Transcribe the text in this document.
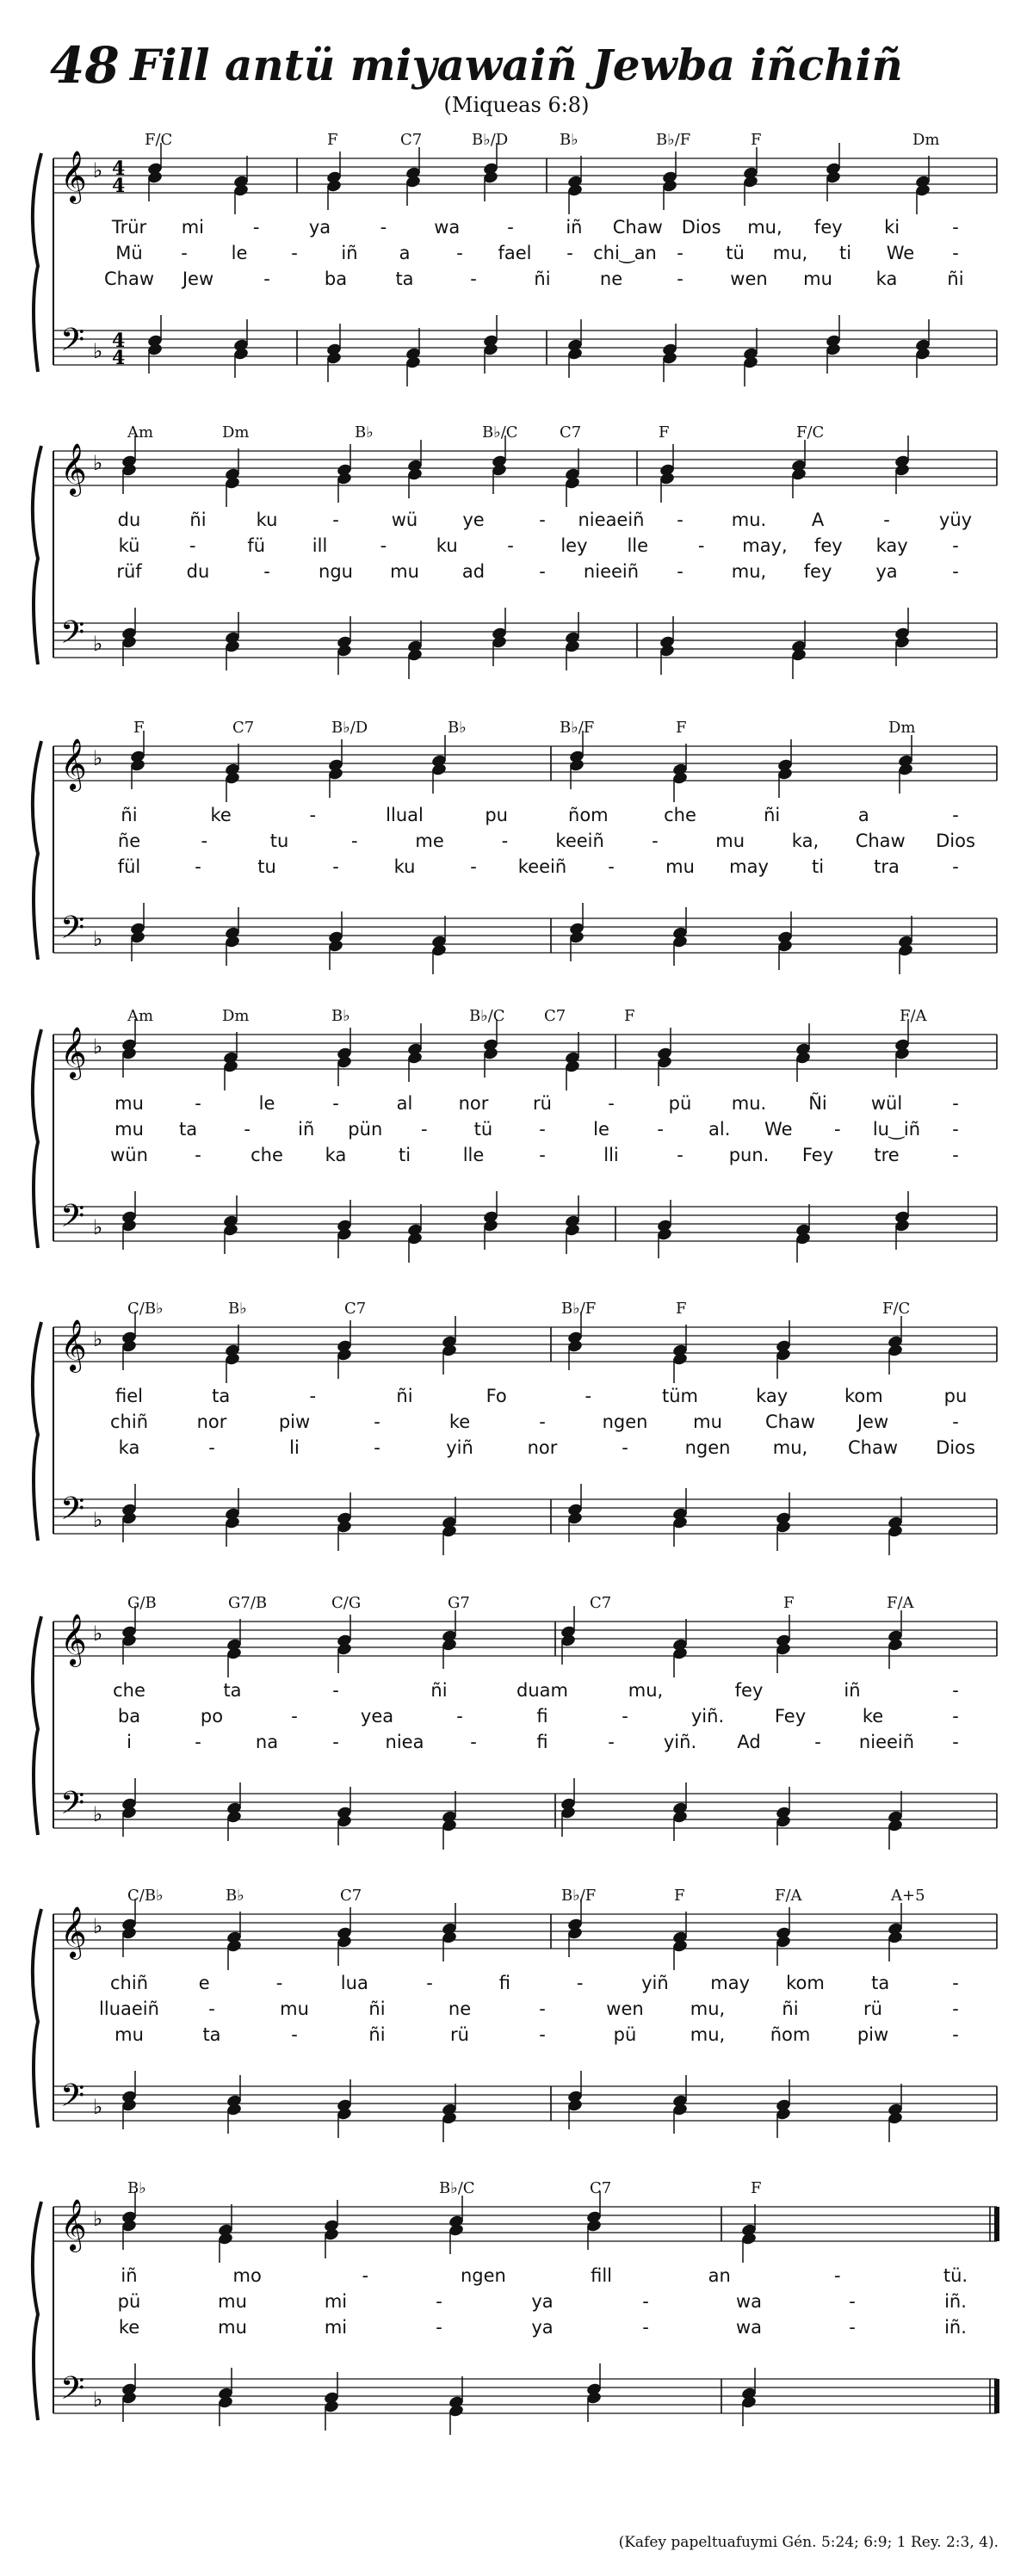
48 Fill antü miyawaiñ Jewba iñchiñ
(Miqueas 6:8)
𝄞
𝄢
♭
♭
4
4
4
4
F/C	F	C7	B♭/D	B♭	B♭/F	F	Dm
Trür mi	-	ya	-	wa	-	iñ Chaw Dios mu, fey ki	-
Mü - le - iñ a	- fael - chi‿an - tü mu, ti We -
Chaw Jew	-	ba	ta	-	ñi	ne	-	wen mu ka	ñi
𝄞
𝄢
♭
♭
Am	Dm	B♭	B♭/C	C7	F	F/C
du	ñi	ku	-	wü ye	- nieaeiñ -	mu.	A	-	yüy
kü	-	fü	ill	-	ku	-	ley lle	- may, fey kay -
rüf du	-	ngu mu ad	- nieeiñ -	mu, fey ya	-
𝄞
𝄢
♭
♭
F	C7	B♭/D	B♭	B♭/F	F	Dm
ñi	ke	-	llual	pu	ñom	che	ñi	a	-
ñe	-	tu	-	me	-	keeiñ	-	mu	ka, Chaw Dios
fül	-	tu	-	ku	- keeiñ -	mu may ti	tra	-
𝄞
𝄢
♭
♭
Am	Dm	B♭	B♭/C	C7	F	F/A
mu	-	le	-	al	nor rü	-	pü mu. Ñi wül	-
mu ta	-	iñ pün -	tü	-	le	- al. We - lu‿iñ -
wün	-	che ka	ti	lle	-	lli	-	pun. Fey tre	-
𝄞
𝄢
♭
♭
C/B♭	B♭	C7	B♭/F	F	F/C
fiel	ta	-	ñi	Fo	-	tüm	kay	kom	pu
chiñ	nor	piw	-	ke	-	ngen	mu Chaw Jew	-
ka	-	li	-	yiñ	nor	-	ngen mu, Chaw Dios
𝄞
𝄢
♭
♭
G/B	G7/B	C/G	G7	C7	F	F/A
che	ta	-	ñi	duam	mu,	fey	iñ	-
ba	po	-	yea	-	fi	-	yiñ.	Fey	ke	-
i	-	na	-	niea	-	fi	-	yiñ. Ad	- nieeiñ -
𝄞
𝄢
♭
♭
C/B♭	B♭	C7	B♭/F	F	F/A	A+5
chiñ	e	-	lua	-	fi	-	yiñ may kom	ta	-
lluaeiñ	-	mu	ñi	ne	-	wen	mu,	ñi	rü	-
mu	ta	-	ñi	rü	-	pü	mu, ñom	piw	-
𝄞
𝄢
♭
♭
B♭	B♭/C	C7	F
iñ	mo	-	ngen	fill	an	-	tü.
pü	mu	mi	-	ya	-	wa	-	iñ.
ke	mu	mi	-	ya	-	wa	-	iñ.
(Kafey papeltuafuymi Gén. 5:24; 6:9; 1 Rey. 2:3, 4).
